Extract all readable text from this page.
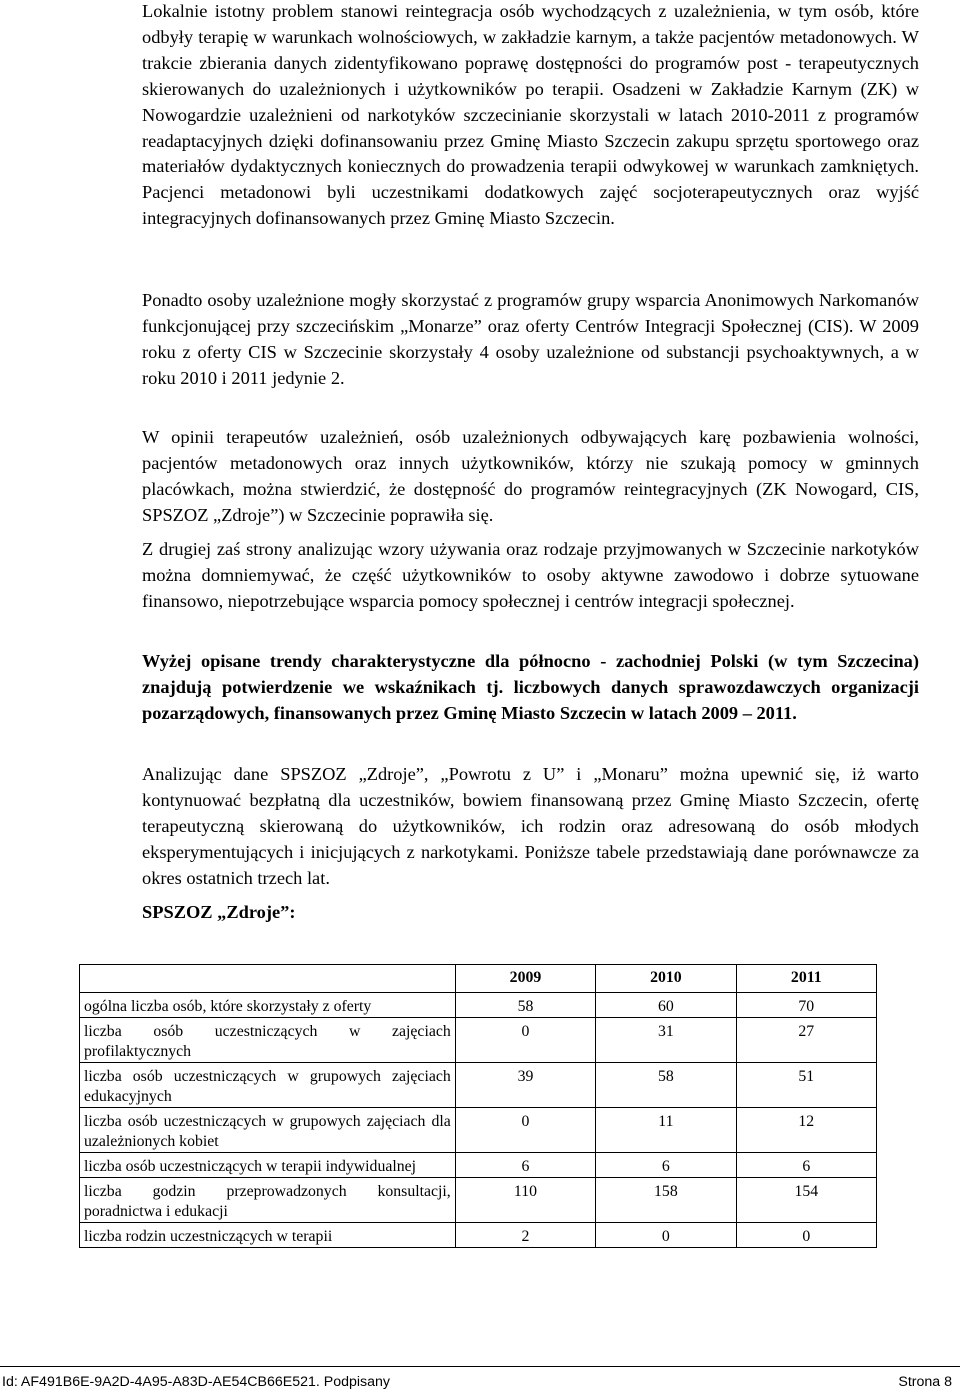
Lokalnie istotny problem stanowi reintegracja osób wychodzących z uzależnienia, w tym osób, które odbyły terapię w warunkach wolnościowych, w zakładzie karnym, a także pacjentów metadonowych. W trakcie zbierania danych zidentyfikowano poprawę dostępności do programów post - terapeutycznych skierowanych do uzależnionych i użytkowników po terapii. Osadzeni w Zakładzie Karnym (ZK) w Nowogardzie uzależnieni od narkotyków szczecinianie skorzystali w latach 2010-2011 z programów readaptacyjnych dzięki dofinansowaniu przez Gminę Miasto Szczecin zakupu sprzętu sportowego oraz materiałów dydaktycznych koniecznych do prowadzenia terapii odwykowej w warunkach zamkniętych. Pacjenci metadonowi byli uczestnikami dodatkowych zajęć socjoterapeutycznych oraz wyjść integracyjnych dofinansowanych przez Gminę Miasto Szczecin.

Ponadto osoby uzależnione mogły skorzystać z programów grupy wsparcia Anonimowych Narkomanów funkcjonującej przy szczecińskim „Monarze” oraz oferty Centrów Integracji Społecznej (CIS). W 2009 roku z oferty CIS w Szczecinie skorzystały 4 osoby uzależnione od substancji psychoaktywnych, a w roku 2010 i 2011 jedynie 2.

W opinii terapeutów uzależnień, osób uzależnionych odbywających karę pozbawienia wolności, pacjentów metadonowych oraz innych użytkowników, którzy nie szukają pomocy w gminnych placówkach, można stwierdzić, że dostępność do programów reintegracyjnych (ZK Nowogard, CIS, SPSZOZ „Zdroje”) w Szczecinie poprawiła się.

Z drugiej zaś strony analizując wzory używania oraz rodzaje przyjmowanych w Szczecinie narkotyków można domniemywać, że część użytkowników to osoby aktywne zawodowo i dobrze sytuowane finansowo, niepotrzebujące wsparcia pomocy społecznej i centrów integracji społecznej.

Wyżej opisane trendy charakterystyczne dla północno - zachodniej Polski (w tym Szczecina) znajdują potwierdzenie we wskaźnikach tj. liczbowych danych sprawozdawczych organizacji pozarządowych, finansowanych przez Gminę Miasto Szczecin w latach 2009 – 2011.

Analizując dane SPSZOZ „Zdroje”, „Powrotu z U” i „Monaru” można upewnić się, iż warto kontynuować bezpłatną dla uczestników, bowiem finansowaną przez Gminę Miasto Szczecin, ofertę terapeutyczną skierowaną do użytkowników, ich rodzin oraz adresowaną do osób młodych eksperymentujących i inicjujących z narkotykami. Poniższe tabele przedstawiają dane porównawcze za okres ostatnich trzech lat.

SPSZOZ „Zdroje”:

	2009	2010	2011
ogólna liczba osób, które skorzystały z oferty	58	60	70
liczba osób uczestniczących w zajęciach profilaktycznych	0	31	27
liczba osób uczestniczących w grupowych zajęciach edukacyjnych	39	58	51
liczba osób uczestniczących w grupowych zajęciach dla uzależnionych kobiet	0	11	12
liczba osób uczestniczących w terapii indywidualnej	6	6	6
liczba godzin przeprowadzonych konsultacji, poradnictwa i edukacji	110	158	154
liczba rodzin uczestniczących w terapii	2	0	0
Id: AF491B6E-9A2D-4A95-A83D-AE54CB66E521. Podpisany	Strona 8
